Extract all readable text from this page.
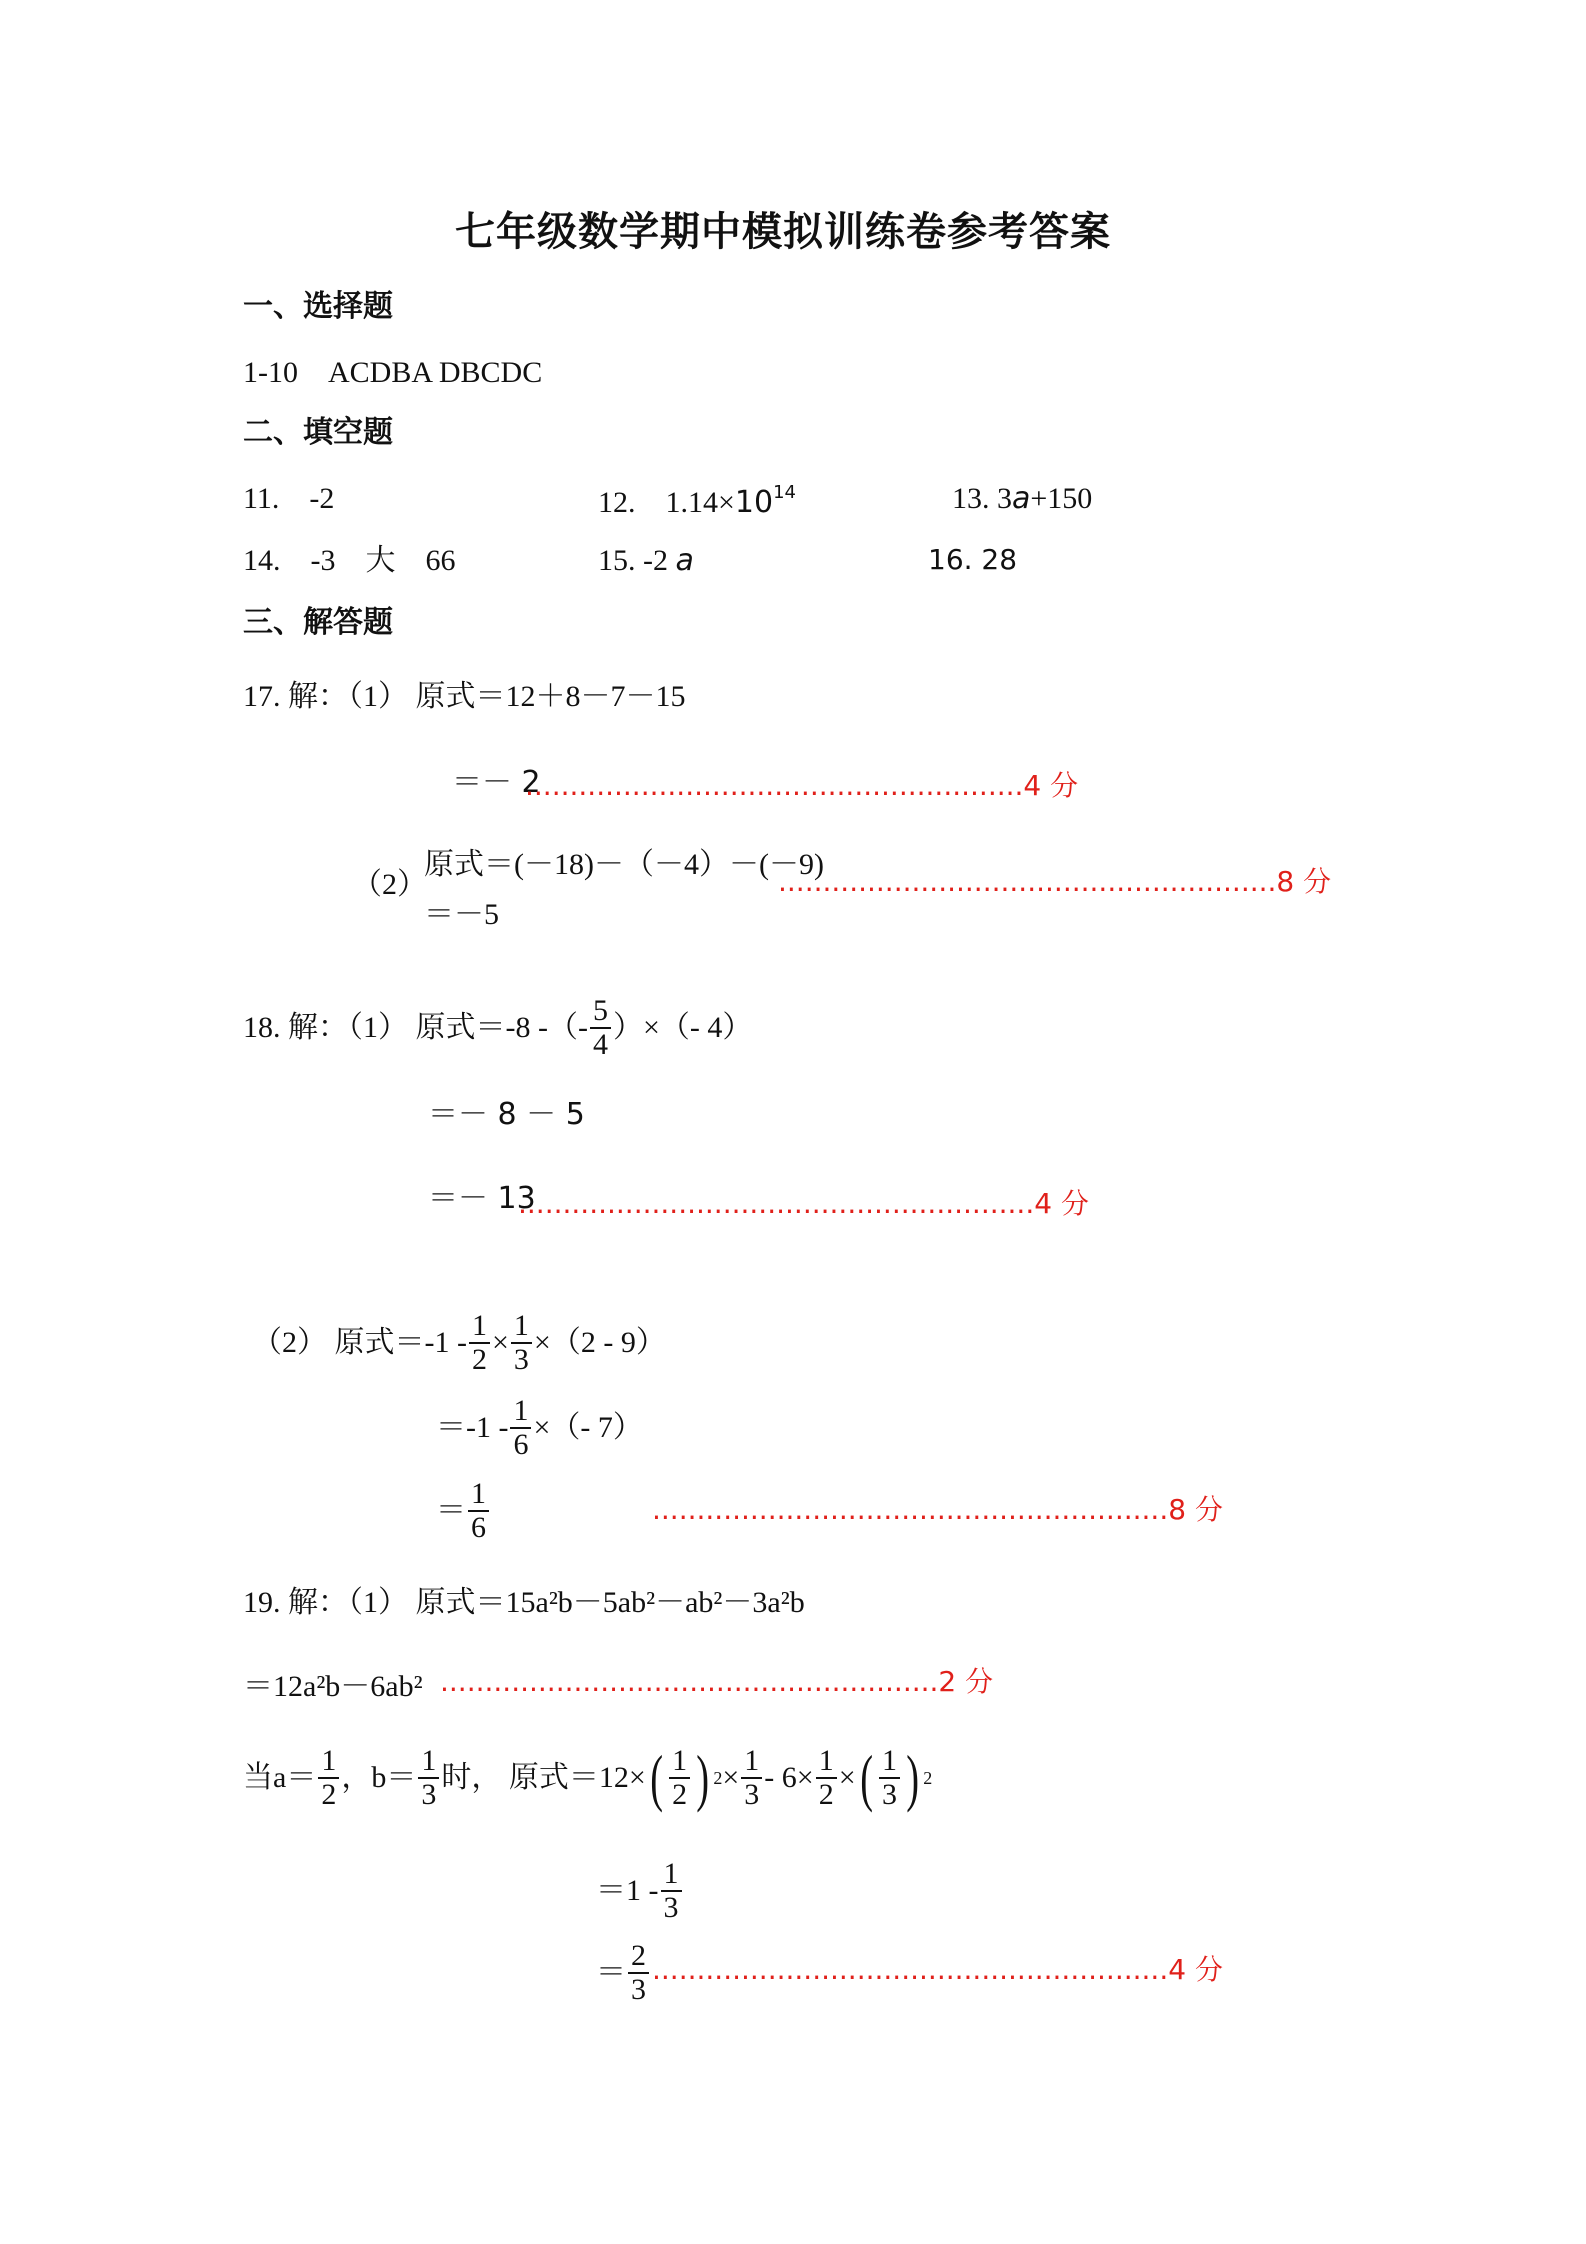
七年级数学期中模拟训练卷参考答案
一、选择题
1-10　ACDBA DBCDC
二、填空题
11.　-2	12.　$1.14\times 10^{14}$	13. 3a+150
14.　-3　大　66	15. -2 a	16. 28
三、解答题
17. 解：（1） 原式＝12＋8－7－15
＝－ 2
........................................................4 分
（2）
原式＝(－18)－（－4）－(－9)
........................................................8 分
＝－5
18. 解：（1） 原式＝-8 -（- $\frac{5}{4}$ ）×（- 4）
＝－ 8 － 5
＝－ 13
..........................................................4 分
（2） 原式$=-1 - \frac{1}{2} \times \frac{1}{3} \times(2 - 9)$
$=-1 - \frac{1}{6}$ ×（- 7）
＝ $\frac{1}{6}$	..........................................................8 分
19. 解：（1） 原式＝15a²b－5ab²－ab²－3a²b
＝12a²b－6ab² ........................................................2 分
当$a= \frac{1}{2}$ ，$b= \frac{1}{3}$ 时， 原式＝12× ( $\frac{1}{2}$ ) $2 \times \frac{1}{3} - 6\times \frac{1}{2}$ × ( $\frac{1}{3}$ ) 2
$=1 - \frac{1}{3}$
＝ $\frac{2}{3} ..........................................................4$ 分
